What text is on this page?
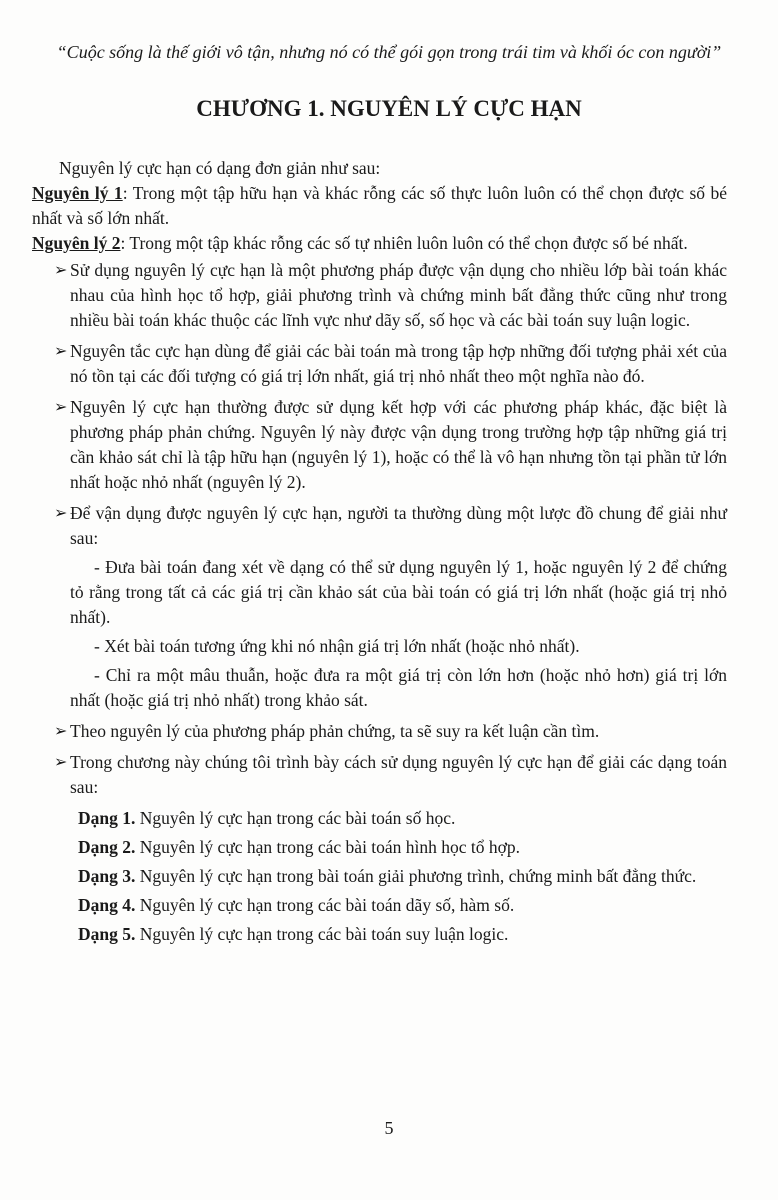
“Cuộc sống là thế giới vô tận, nhưng nó có thể gói gọn trong trái tim và khối óc con người”
CHƯƠNG 1. NGUYÊN LÝ CỰC HẠN

Nguyên lý cực hạn có dạng đơn giản như sau:

Nguyên lý 1: Trong một tập hữu hạn và khác rỗng các số thực luôn luôn có thể chọn được số bé nhất và số lớn nhất.

Nguyên lý 2: Trong một tập khác rỗng các số tự nhiên luôn luôn có thể chọn được số bé nhất.

➢ Sử dụng nguyên lý cực hạn là một phương pháp được vận dụng cho nhiều lớp bài toán khác nhau của hình học tổ hợp, giải phương trình và chứng minh bất đẳng thức cũng như trong nhiều bài toán khác thuộc các lĩnh vực như dãy số, số học và các bài toán suy luận logic.
➢ Nguyên tắc cực hạn dùng để giải các bài toán mà trong tập hợp những đối tượng phải xét của nó tồn tại các đối tượng có giá trị lớn nhất, giá trị nhỏ nhất theo một nghĩa nào đó.
➢ Nguyên lý cực hạn thường được sử dụng kết hợp với các phương pháp khác, đặc biệt là phương pháp phản chứng. Nguyên lý này được vận dụng trong trường hợp tập những giá trị cần khảo sát chỉ là tập hữu hạn (nguyên lý 1), hoặc có thể là vô hạn nhưng tồn tại phần tử lớn nhất hoặc nhỏ nhất (nguyên lý 2).
➢ Để vận dụng được nguyên lý cực hạn, người ta thường dùng một lược đồ chung để giải như sau:

- Đưa bài toán đang xét về dạng có thể sử dụng nguyên lý 1, hoặc nguyên lý 2 để chứng tỏ rằng trong tất cả các giá trị cần khảo sát của bài toán có giá trị lớn nhất (hoặc giá trị nhỏ nhất).

- Xét bài toán tương ứng khi nó nhận giá trị lớn nhất (hoặc nhỏ nhất).

- Chỉ ra một mâu thuẫn, hoặc đưa ra một giá trị còn lớn hơn (hoặc nhỏ hơn) giá trị lớn nhất (hoặc giá trị nhỏ nhất) trong khảo sát.

➢ Theo nguyên lý của phương pháp phản chứng, ta sẽ suy ra kết luận cần tìm.
➢ Trong chương này chúng tôi trình bày cách sử dụng nguyên lý cực hạn để giải các dạng toán sau:
Dạng 1. Nguyên lý cực hạn trong các bài toán số học.
Dạng 2. Nguyên lý cực hạn trong các bài toán hình học tổ hợp.
Dạng 3. Nguyên lý cực hạn trong bài toán giải phương trình, chứng minh bất đẳng thức.
Dạng 4. Nguyên lý cực hạn trong các bài toán dãy số, hàm số.
Dạng 5. Nguyên lý cực hạn trong các bài toán suy luận logic.
5
